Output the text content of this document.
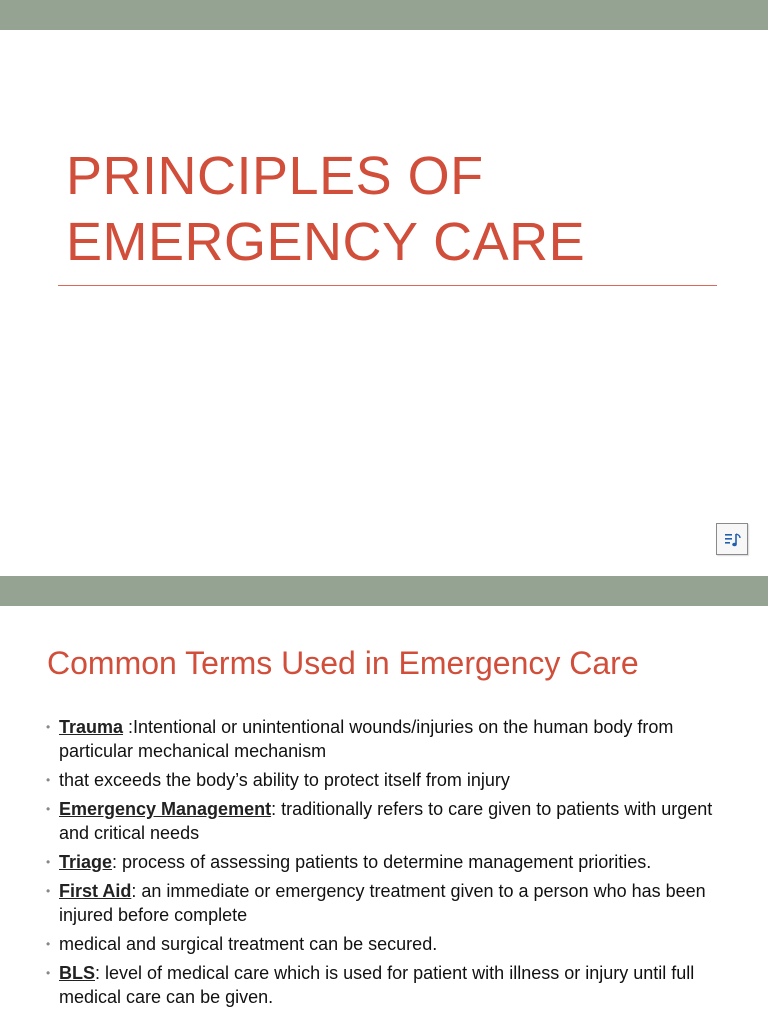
PRINCIPLES OF
EMERGENCY CARE
Common Terms Used in Emergency Care
• Trauma :Intentional or unintentional wounds/injuries on the human body from particular mechanical mechanism
• that exceeds the body’s ability to protect itself from injury
• Emergency Management: traditionally refers to care given to patients with urgent and critical needs
• Triage: process of assessing patients to determine management priorities.
• First Aid: an immediate or emergency treatment given to a person who has been injured before complete
• medical and surgical treatment can be secured.
• BLS: level of medical care which is used for patient with illness or injury until full medical care can be given.
